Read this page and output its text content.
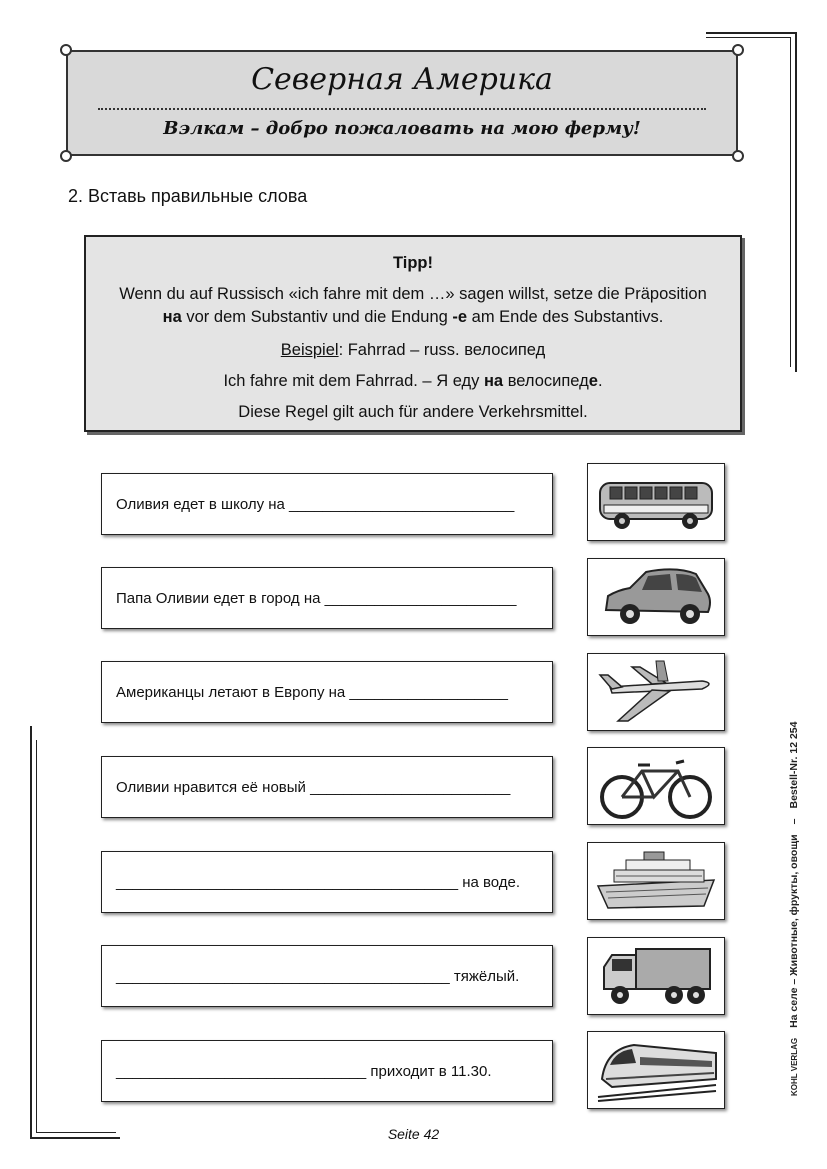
Северная Америка
Вэлкам – добро пожаловать на мою ферму!
2. Вставь правильные слова

Tipp!

Wenn du auf Russisch «ich fahre mit dem …» sagen willst, setze die Präposition

на vor dem Substantiv und die Endung -е am Ende des Substantivs.

Beispiel: Fahrrad – russ. велосипед

Ich fahre mit dem Fahrrad. – Я еду на велосипеде.

Diese Regel gilt auch für andere Verkehrsmittel.

Оливия едет в школу на ___________________________
Папа Оливии едет в город на _______________________
Американцы летают в Европу на ___________________
Оливии нравится её новый ________________________
_________________________________________ на воде.
________________________________________ тяжёлый.
______________________________ приходит в 11.30.	KOHL VERLAG
На селе – Животные, фрукты, овощи
–
Bestell-Nr. 12 254
Seite 42
